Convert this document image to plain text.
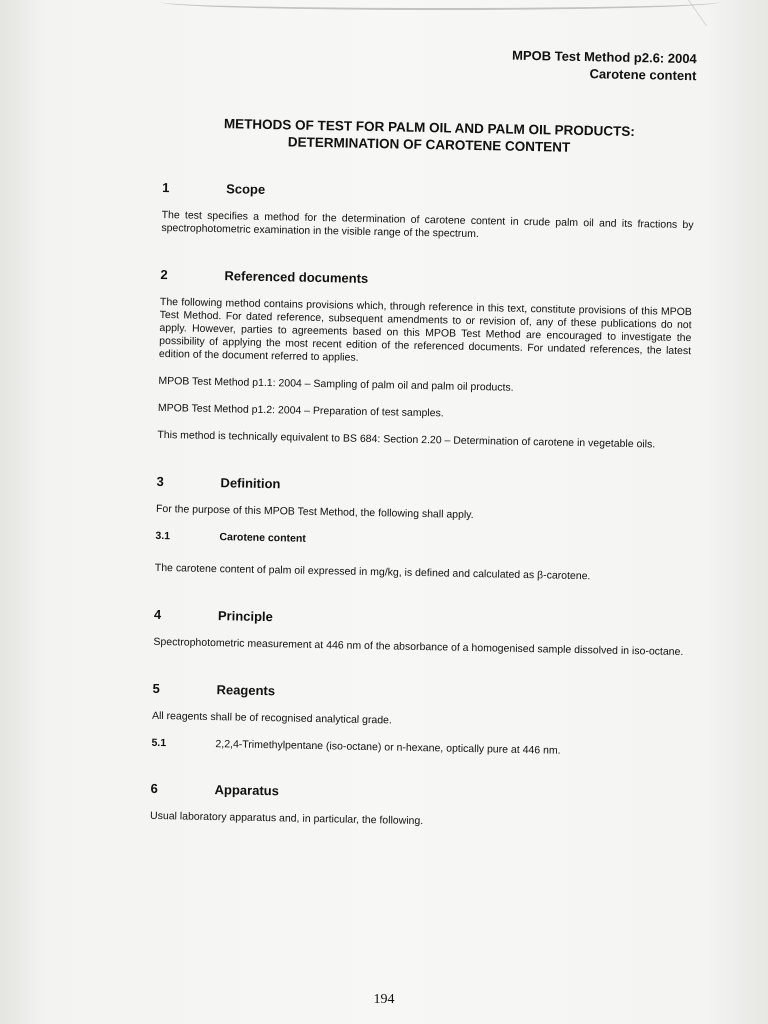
MPOB Test Method p2.6: 2004
Carotene content
METHODS OF TEST FOR PALM OIL AND PALM OIL PRODUCTS:
DETERMINATION OF CAROTENE CONTENT
1	Scope

The test specifies a method for the determination of carotene content in crude palm oil and its fractions by spectrophotometric examination in the visible range of the spectrum.

2	Referenced documents

The following method contains provisions which, through reference in this text, constitute provisions of this MPOB Test Method. For dated reference, subsequent amendments to or revision of, any of these publications do not apply. However, parties to agreements based on this MPOB Test Method are encouraged to investigate the possibility of applying the most recent edition of the referenced documents. For undated references, the latest edition of the document referred to applies.

MPOB Test Method p1.1: 2004 – Sampling of palm oil and palm oil products.

MPOB Test Method p1.2: 2004 – Preparation of test samples.

This method is technically equivalent to BS 684: Section 2.20 – Determination of carotene in vegetable oils.

3	Definition

For the purpose of this MPOB Test Method, the following shall apply.

3.1	Carotene content

The carotene content of palm oil expressed in mg/kg, is defined and calculated as β-carotene.

4	Principle

Spectrophotometric measurement at 446 nm of the absorbance of a homogenised sample dissolved in iso-octane.

5	Reagents

All reagents shall be of recognised analytical grade.

5.1	2,2,4-Trimethylpentane (iso-octane) or n-hexane, optically pure at 446 nm.
6	Apparatus

Usual laboratory apparatus and, in particular, the following.

194
